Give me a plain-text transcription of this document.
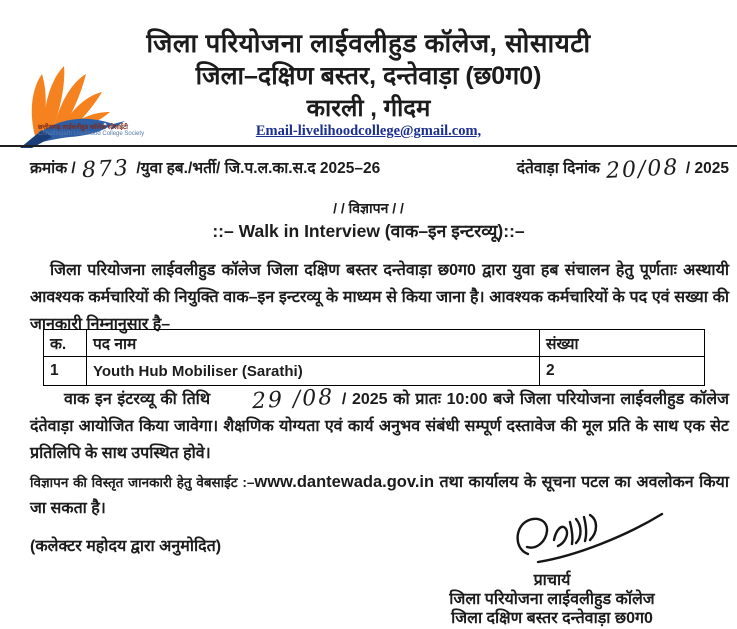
छत्तीसगढ़ लाईवलीहुड कॉलेज सोसाईटी
Chhattisgarh Livelihood College Society
जिला परियोजना लाईवलीहुड कॉलेज, सोसायटी
जिला–दक्षिण बस्तर, दन्तेवाड़ा (छ0ग0)
कारली , गीदम
Email-livelihoodcollege@gmail.com,
क्रमांक / 873 /युवा हब./भर्ती/ जि.प.ल.का.स.द 2025–26	दंतेवाड़ा दिनांक 20/08 / 2025
/ / विज्ञापन / /
::– Walk in Interview (वाक–इन इन्टरव्यू)::–

जिला परियोजना लाईवलीहुड कॉलेज जिला दक्षिण बस्तर दन्तेवाड़ा छ0ग0 द्वारा युवा हब संचालन हेतु पूर्णताः अस्थायी आवश्यक कर्मचारियों की नियुक्ति वाक–इन इन्टरव्यू के माध्यम से किया जाना है। आवश्यक कर्मचारियों के पद एवं सख्या की जानकारी निम्नानुसार है–

क.	पद नाम	संख्या
1	Youth Hub Mobiliser (Sarathi)	2

वाक इन इंटरव्यू की तिथि 29 /08 / 2025 को प्रातः 10:00 बजे जिला परियोजना लाईवलीहुड कॉलेज दंतेवाड़ा आयोजित किया जावेगा। शैक्षणिक योग्यता एवं कार्य अनुभव संबंधी सम्पूर्ण दस्तावेज की मूल प्रति के साथ एक सेट प्रतिलिपि के साथ उपस्थित होवे।

विज्ञापन की विस्तृत जानकारी हेतु वेबसाईट :–www.dantewada.gov.in तथा कार्यालय के सूचना पटल का अवलोकन किया जा सकता है।

(कलेक्टर महोदय द्वारा अनुमोदित)
प्राचार्य
जिला परियोजना लाईवलीहुड कॉलेज
जिला दक्षिण बस्तर दन्तेवाड़ा छ0ग0
